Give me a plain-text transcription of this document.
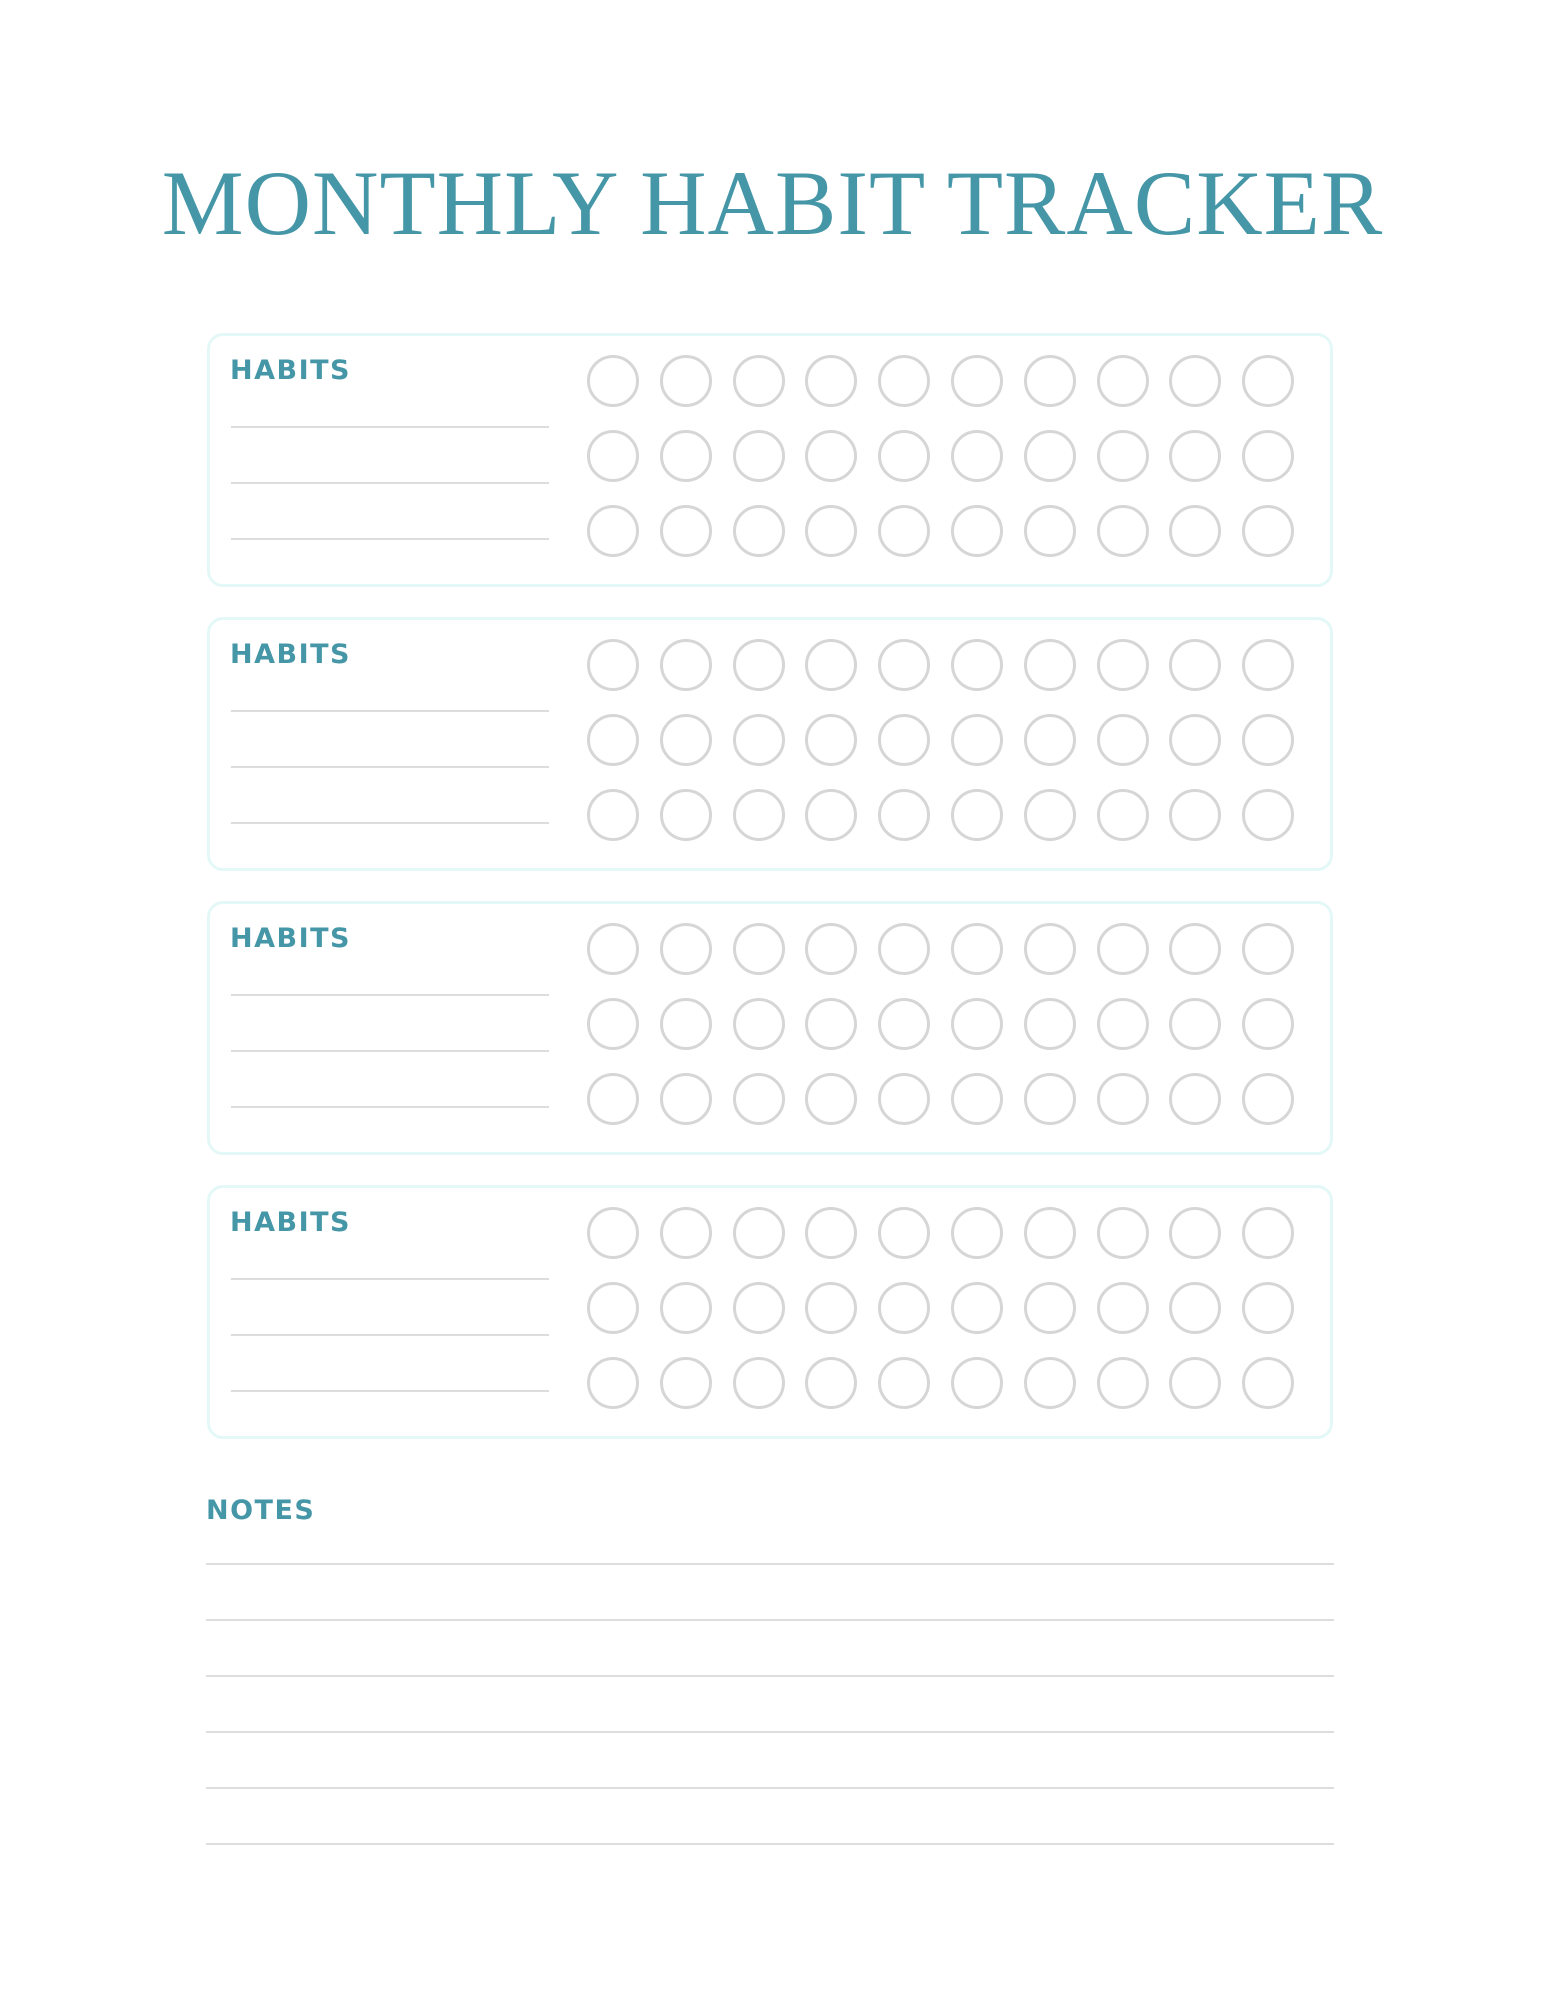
MONTHLY HABIT TRACKER
HABITS
HABITS
HABITS
HABITS
NOTES
